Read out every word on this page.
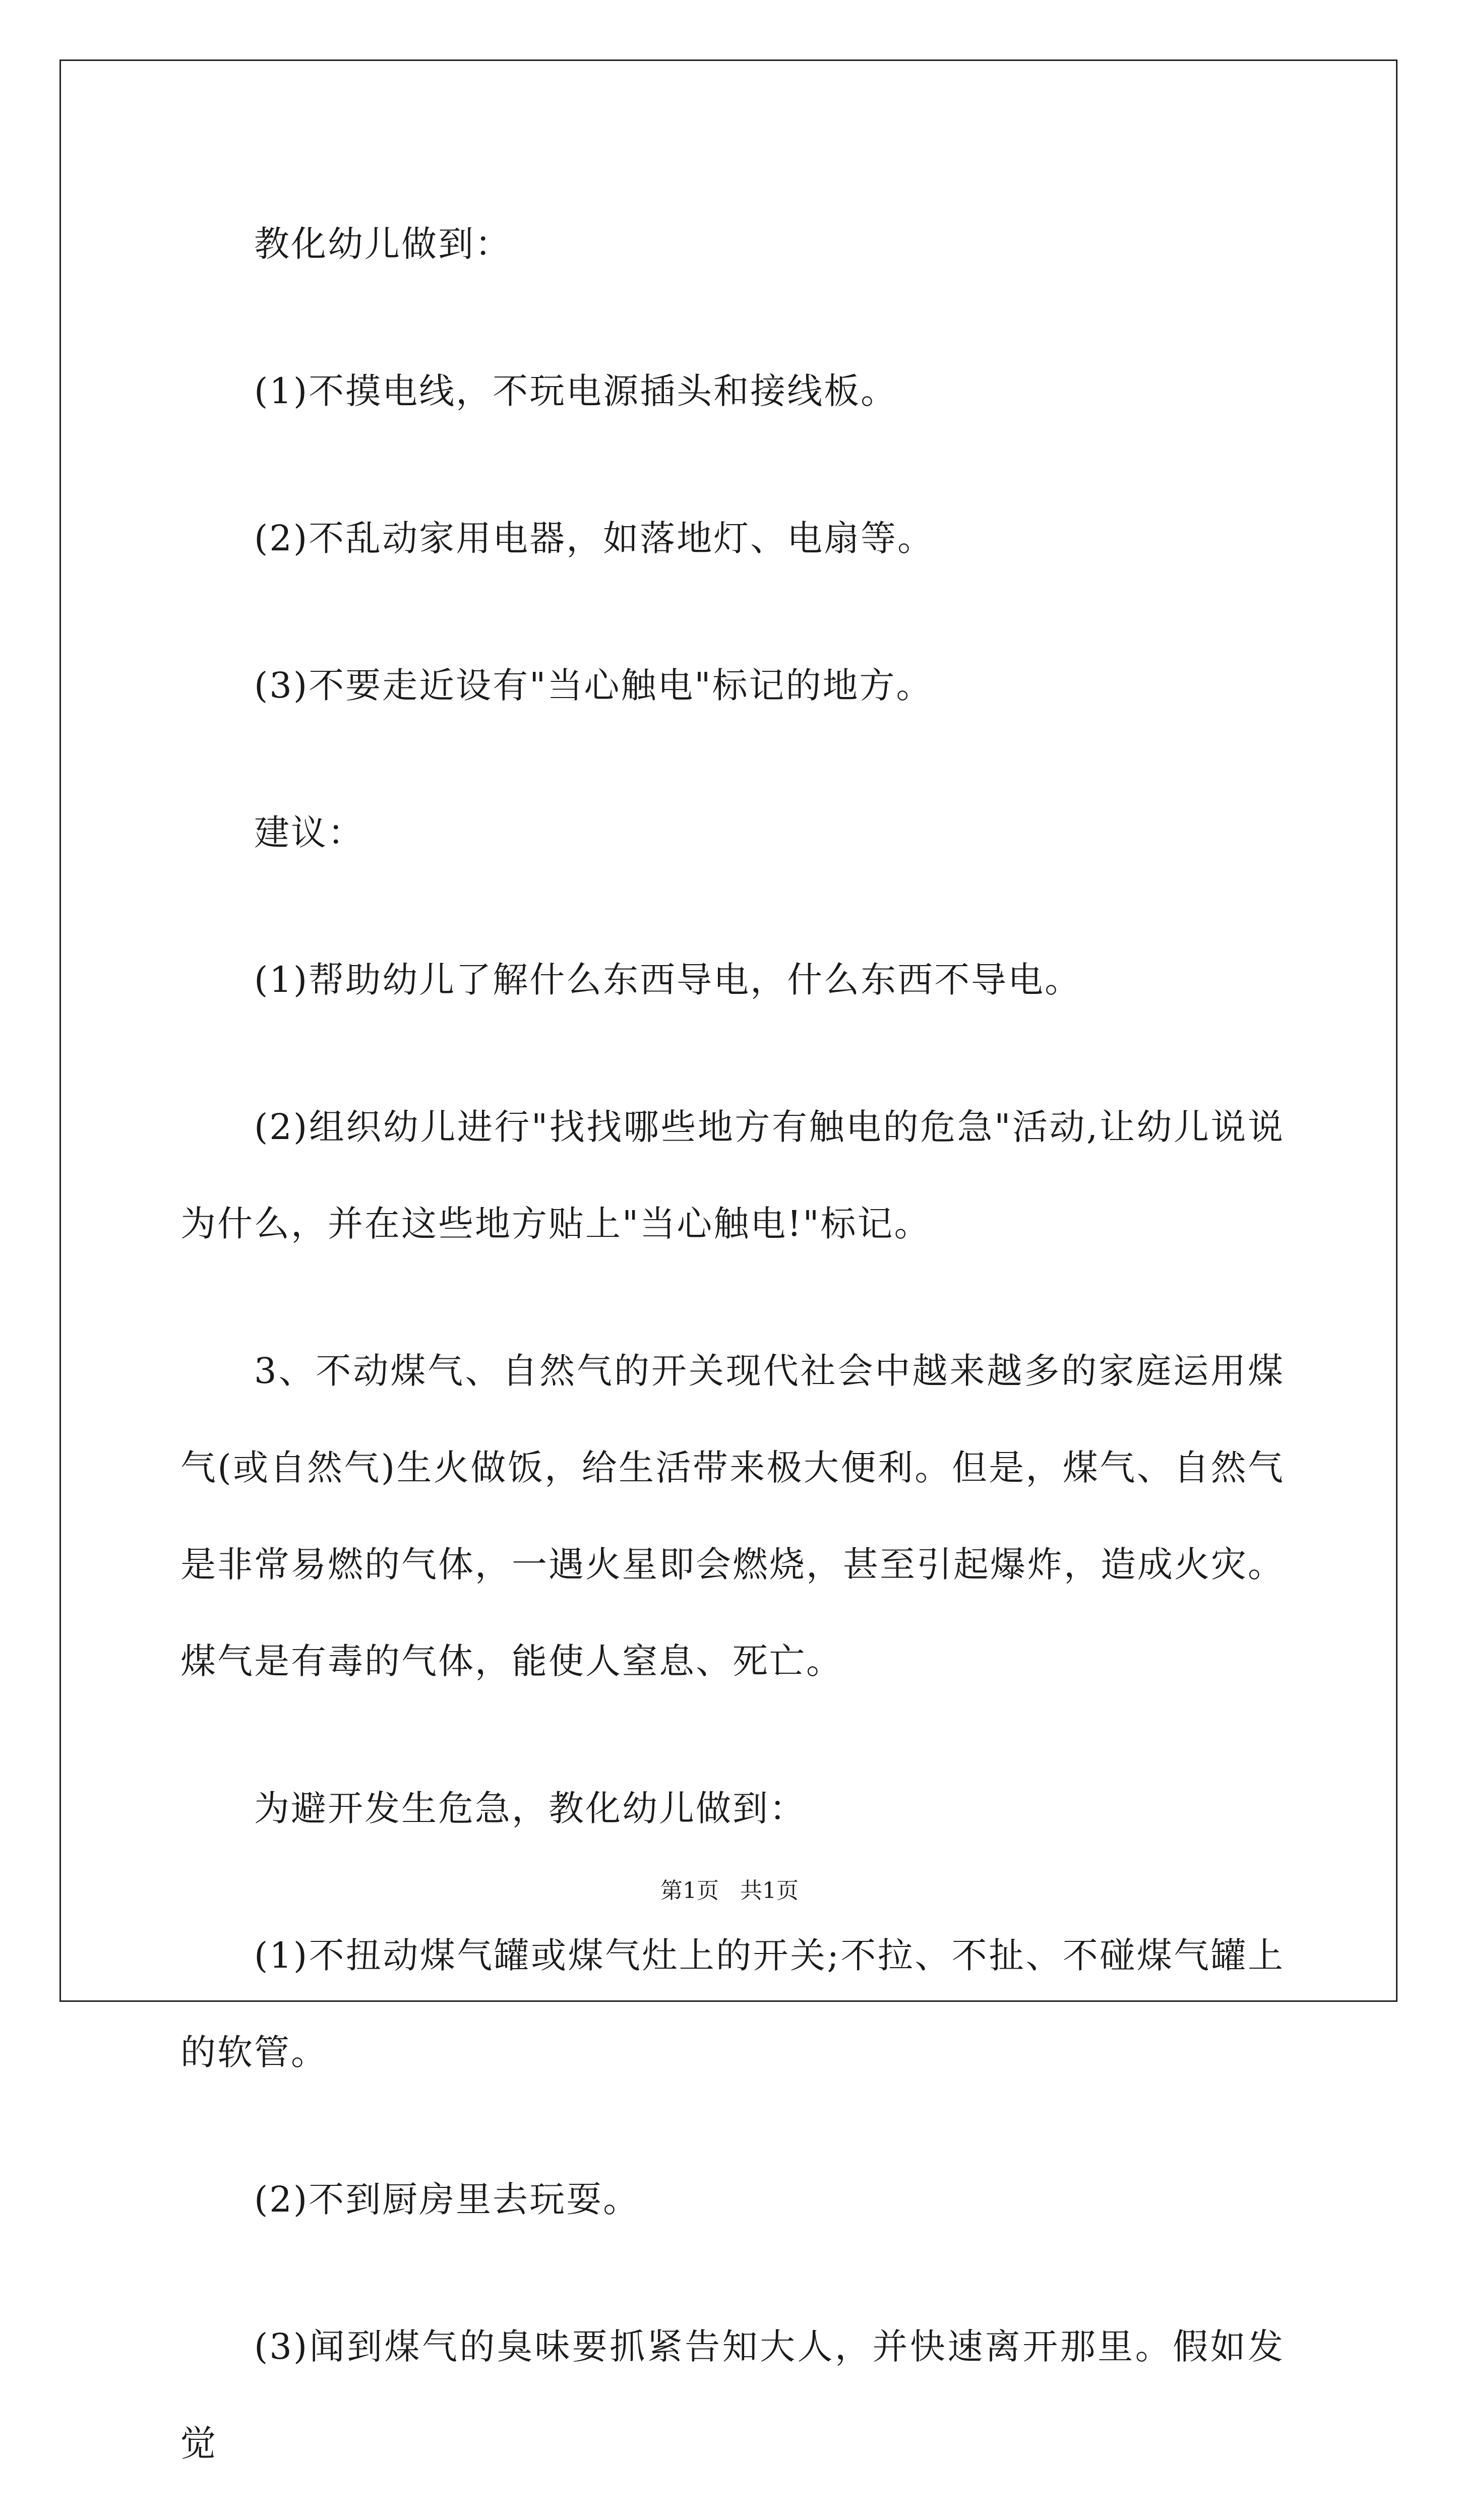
教化幼儿做到：

(1)不摸电线，不玩电源插头和接线板。

(2)不乱动家用电器，如落地灯、电扇等。

(3)不要走近设有"当心触电"标记的地方。

建议：

(1)帮助幼儿了解什么东西导电，什么东西不导电。

(2)组织幼儿进行"找找哪些地方有触电的危急"活动,让幼儿说说为什么，并在这些地方贴上"当心触电!"标记。

3、不动煤气、自然气的开关现代社会中越来越多的家庭运用煤气(或自然气)生火做饭，给生活带来极大便利。但是，煤气、自然气是非常易燃的气体，一遇火星即会燃烧，甚至引起爆炸，造成火灾。煤气是有毒的气体，能使人窒息、死亡。

为避开发生危急，教化幼儿做到：

(1)不扭动煤气罐或煤气灶上的开关;不拉、不扯、不碰煤气罐上的软管。

(2)不到厨房里去玩耍。

(3)闻到煤气的臭味要抓紧告知大人，并快速离开那里。假如发觉

第1页   共1页
